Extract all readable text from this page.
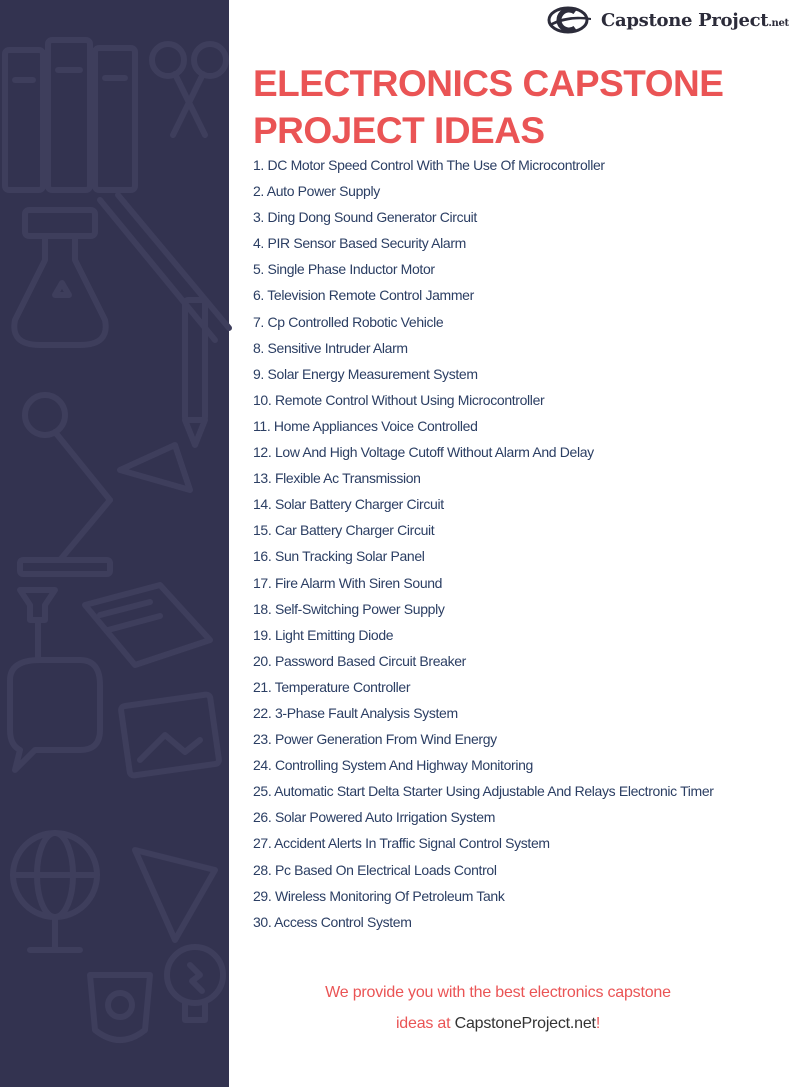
Capstone Project.net
ELECTRONICS CAPSTONE
PROJECT IDEAS
1. DC Motor Speed Control With The Use Of Microcontroller
2. Auto Power Supply
3. Ding Dong Sound Generator Circuit
4. PIR Sensor Based Security Alarm
5. Single Phase Inductor Motor
6. Television Remote Control Jammer
7. Cp Controlled Robotic Vehicle
8. Sensitive Intruder Alarm
9. Solar Energy Measurement System
10. Remote Control Without Using Microcontroller
11. Home Appliances Voice Controlled
12. Low And High Voltage Cutoff Without Alarm And Delay
13. Flexible Ac Transmission
14. Solar Battery Charger Circuit
15. Car Battery Charger Circuit
16. Sun Tracking Solar Panel
17. Fire Alarm With Siren Sound
18. Self-Switching Power Supply
19. Light Emitting Diode
20. Password Based Circuit Breaker
21. Temperature Controller
22. 3-Phase Fault Analysis System
23. Power Generation From Wind Energy
24. Controlling System And Highway Monitoring
25. Automatic Start Delta Starter Using Adjustable And Relays Electronic Timer
26. Solar Powered Auto Irrigation System
27. Accident Alerts In Traffic Signal Control System
28. Pc Based On Electrical Loads Control
29. Wireless Monitoring Of Petroleum Tank
30. Access Control System
We provide you with the best electronics capstone
ideas at CapstoneProject.net!
